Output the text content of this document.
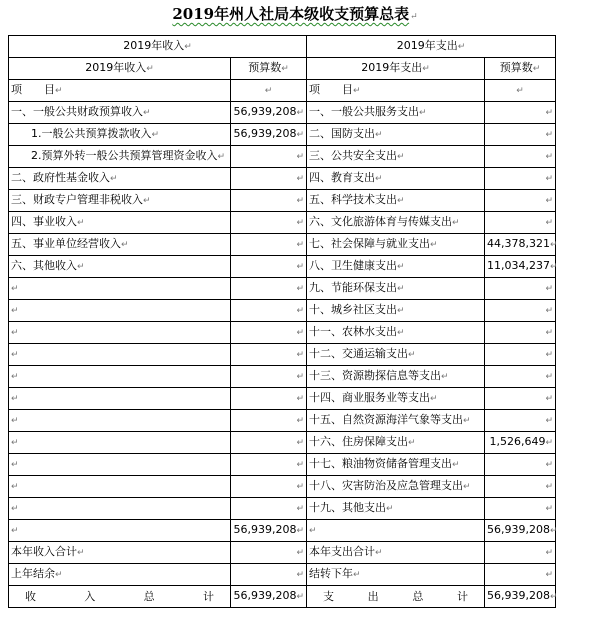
2019年州人社局本级收支预算总表↵
2019年收入↵		2019年支出↵	
2019年收入↵	预算数↵	2019年支出↵	预算数↵
项　　目↵	↵	项　　目↵	↵
一、一般公共财政预算收入↵	56,939,208↵	一、一般公共服务支出↵	↵
1.一般公共预算拨款收入↵	56,939,208↵	二、国防支出↵	↵
2.预算外转一般公共预算管理资金收入↵	↵	三、公共安全支出↵	↵
二、政府性基金收入↵	↵	四、教育支出↵	↵
三、财政专户管理非税收入↵	↵	五、科学技术支出↵	↵
四、事业收入↵	↵	六、文化旅游体育与传媒支出↵	↵
五、事业单位经营收入↵	↵	七、社会保障与就业支出↵	44,378,321↵
六、其他收入↵	↵	八、卫生健康支出↵	11,034,237↵
↵	↵	九、节能环保支出↵	↵
↵	↵	十、城乡社区支出↵	↵
↵	↵	十一、农林水支出↵	↵
↵	↵	十二、交通运输支出↵	↵
↵	↵	十三、资源勘探信息等支出↵	↵
↵	↵	十四、商业服务业等支出↵	↵
↵	↵	十五、自然资源海洋气象等支出↵	↵
↵	↵	十六、住房保障支出↵	1,526,649↵
↵	↵	十七、粮油物资储备管理支出↵	↵
↵	↵	十八、灾害防治及应急管理支出↵	↵
↵	↵	十九、其他支出↵	↵
↵	56,939,208↵	↵	56,939,208↵
本年收入合计↵	↵	本年支出合计↵	↵
上年结余↵	↵	结转下年↵	↵

收 入 总 计	56,939,208↵	支 出 总 计	56,939,208↵
